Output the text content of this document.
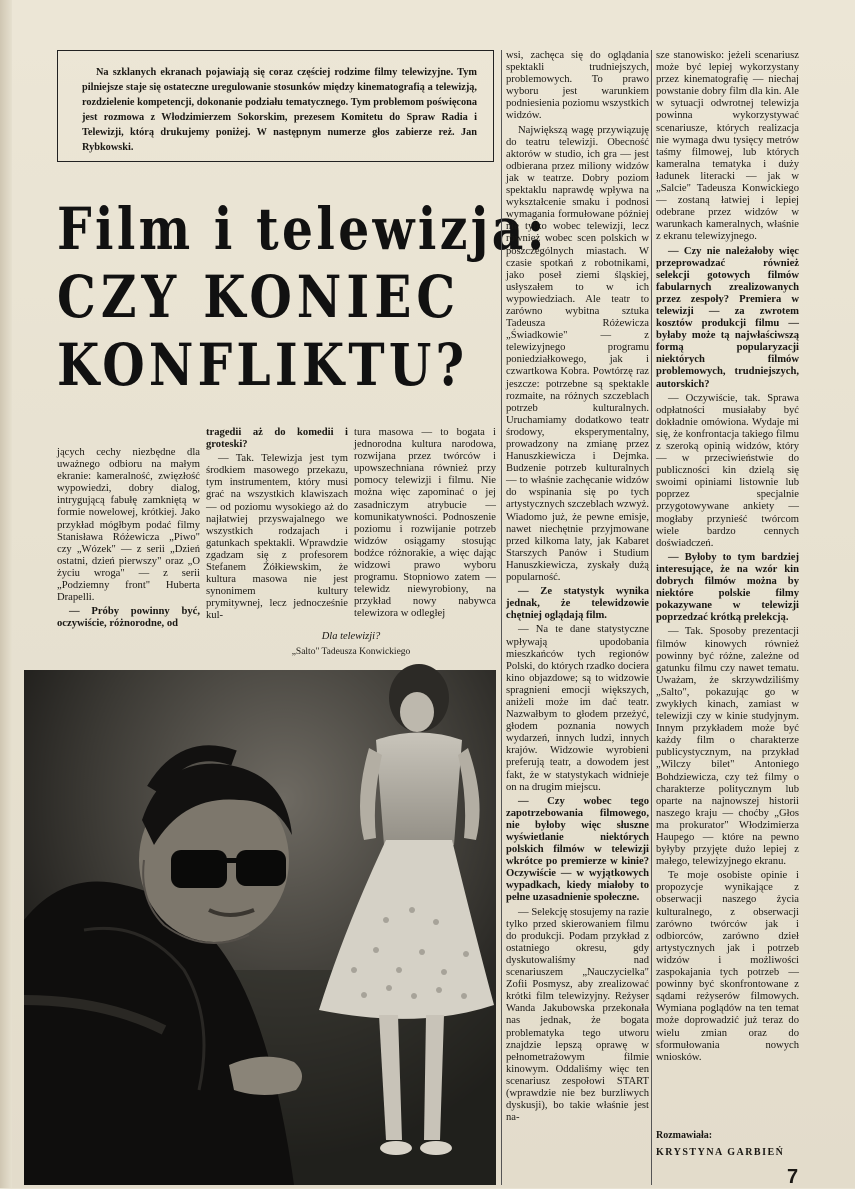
Na szklanych ekranach pojawiają się coraz częściej rodzime filmy telewizyjne. Tym pilniejsze staje się ostateczne uregulowanie stosunków między kinematografią a telewizją, rozdzielenie kompetencji, dokonanie podziału tematycznego. Tym problemom poświęcona jest rozmowa z Włodzimierzem Sokorskim, prezesem Komitetu do Spraw Radia i Telewizji, którą drukujemy poniżej. W następnym numerze głos zabierze reż. Jan Rybkowski.
Film i telewizja:
CZY KONIEC
KONFLIKTU?

jących cechy niezbędne dla uważnego odbioru na małym ekranie: kameralność, zwięzłość wypowiedzi, dobry dialog, intrygującą fabułę zamkniętą w formie nowelowej, krótkiej. Jako przykład mógłbym podać filmy Stanisława Różewicza „Piwo" czy „Wózek" — z serii „Dzień ostatni, dzień pierwszy" oraz „O życiu wroga" — z serii „Podziemny front" Huberta Drapelli.

— Próby powinny być, oczywiście, różnorodne, od

tragedii aż do komedii i groteski?

— Tak. Telewizja jest tym środkiem masowego przekazu, tym instrumentem, który musi grać na wszystkich klawiszach — od poziomu wysokiego aż do najłatwiej przyswajalnego we wszystkich rodzajach i gatunkach spektakli. Wprawdzie zgadzam się z profesorem Stefanem Żółkiewskim, że kultura masowa nie jest synonimem kultury prymitywnej, lecz jednocześnie kul-

tura masowa — to bogata i jednorodna kultura narodowa, rozwijana przez twórców i upowszechniana również przy pomocy telewizji i filmu. Nie można więc zapominać o jej zasadniczym atrybucie — komunikatywności. Podnoszenie poziomu i rozwijanie potrzeb widzów osiągamy stosując bodźce różnorakie, a więc dając widzowi prawo wyboru programu. Stopniowo zatem — telewidz niewyrobiony, na przykład nowy nabywca telewizora w odległej

wsi, zachęca się do oglądania spektakli trudniejszych, problemowych. To prawo wyboru jest warunkiem podniesienia poziomu wszystkich widzów.

Największą wagę przywiązuję do teatru telewizji. Obecność aktorów w studio, ich gra — jest odbierana przez miliony widzów jak w teatrze. Dobry poziom spektaklu naprawdę wpływa na wykształcenie smaku i podnosi wymagania formułowane później nie tylko wobec telewizji, lecz również wobec scen polskich w poszczególnych miastach. W czasie spotkań z robotnikami, jako poseł ziemi śląskiej, usłyszałem to w ich wypowiedziach. Ale teatr to zarówno wybitna sztuka Tadeusza Różewicza „Świadkowie" — z telewizyjnego programu poniedziałkowego, jak i czwartkowa Kobra. Powtórzę raz jeszcze: potrzebne są spektakle rozmaite, na różnych szczeblach potrzeb kulturalnych. Uruchamiamy dodatkowo teatr środowy, eksperymentalny, prowadzony na zmianę przez Hanuszkiewicza i Dejmka. Budzenie potrzeb kulturalnych — to właśnie zachęcanie widzów do wspinania się po tych artystycznych szczeblach wzwyż. Wiadomo już, że pewne emisje, nawet niechętnie przyjmowane przed kilkoma laty, jak Kabaret Starszych Panów i Studium Hanuszkiewicza, zyskały dużą popularność.

— Ze statystyk wynika jednak, że telewidzowie chętniej oglądają film.

— Na te dane statystyczne wpływają upodobania mieszkańców tych regionów Polski, do których rzadko dociera kino objazdowe; są to widzowie spragnieni emocji większych, aniżeli może im dać teatr. Nazwałbym to głodem przeżyć, głodem poznania nowych wydarzeń, innych ludzi, innych krajów. Widzowie wyrobieni preferują teatr, a dowodem jest fakt, że w statystykach widnieje on na drugim miejscu.

— Czy wobec tego zapotrzebowania filmowego, nie byłoby więc słuszne wyświetlanie niektórych polskich filmów w telewizji wkrótce po premierze w kinie? Oczywiście — w wyjątkowych wypadkach, kiedy miałoby to pełne uzasadnienie społeczne.

— Selekcję stosujemy na razie tylko przed skierowaniem filmu do produkcji. Podam przykład z ostatniego okresu, gdy dyskutowaliśmy nad scenariuszem „Nauczycielka" Zofii Posmysz, aby zrealizować krótki film telewizyjny. Reżyser Wanda Jakubowska przekonała nas jednak, że bogata problematyka tego utworu znajdzie lepszą oprawę w pełnometrażowym filmie kinowym. Oddaliśmy więc ten scenariusz zespołowi START (wprawdzie nie bez burzliwych dyskusji), bo takie właśnie jest na-

sze stanowisko: jeżeli scenariusz może być lepiej wykorzystany przez kinematografię — niechaj powstanie dobry film dla kin. Ale w sytuacji odwrotnej telewizja powinna wykorzystywać scenariusze, których realizacja nie wymaga dwu tysięcy metrów taśmy filmowej, lub których kameralna tematyka i duży ładunek literacki — jak w „Salcie" Tadeusza Konwickiego — zostaną łatwiej i lepiej odebrane przez widzów w warunkach kameralnych, właśnie z ekranu telewizyjnego.

— Czy nie należałoby więc przeprowadzać również selekcji gotowych filmów fabularnych zrealizowanych przez zespoły? Premiera w telewizji — za zwrotem kosztów produkcji filmu — byłaby może tą najwłaściwszą formą popularyzacji niektórych filmów problemowych, trudniejszych, autorskich?

— Oczywiście, tak. Sprawa odpłatności musiałaby być dokładnie omówiona. Wydaje mi się, że konfrontacja takiego filmu z szeroką opinią widzów, który — w przeciwieństwie do publiczności kin dzielą się swoimi opiniami listownie lub poprzez specjalnie przygotowywane ankiety — mogłaby przynieść twórcom wiele bardzo cennych doświadczeń.

— Byłoby to tym bardziej interesujące, że na wzór kin dobrych filmów można by niektóre polskie filmy pokazywane w telewizji poprzedzać krótką prelekcją.

— Tak. Sposoby prezentacji filmów kinowych również powinny być różne, zależne od gatunku filmu czy nawet tematu. Uważam, że skrzywdziliśmy „Salto", pokazując go w zwykłych kinach, zamiast w telewizji czy w kinie studyjnym. Innym przykładem może być każdy film o charakterze publicystycznym, na przykład „Wilczy bilet" Antoniego Bohdziewicza, czy też filmy o charakterze politycznym lub oparte na najnowszej historii naszego kraju — choćby „Głos ma prokurator" Włodzimierza Haupego — które na pewno byłyby przyjęte dużo lepiej z małego, telewizyjnego ekranu.

Te moje osobiste opinie i propozycje wynikające z obserwacji naszego życia kulturalnego, z obserwacji zarówno twórców jak i odbiorców, zarówno dzieł artystycznych jak i potrzeb widzów i możliwości zaspokajania tych potrzeb — powinny być skonfrontowane z sądami reżyserów filmowych. Wymiana poglądów na ten temat może doprowadzić już teraz do wielu zmian oraz do sformułowania nowych wniosków.

Dla telewizji?
„Salto" Tadeusza Konwickiego
Rozmawiała:
KRYSTYNA GARBIEŃ
7
